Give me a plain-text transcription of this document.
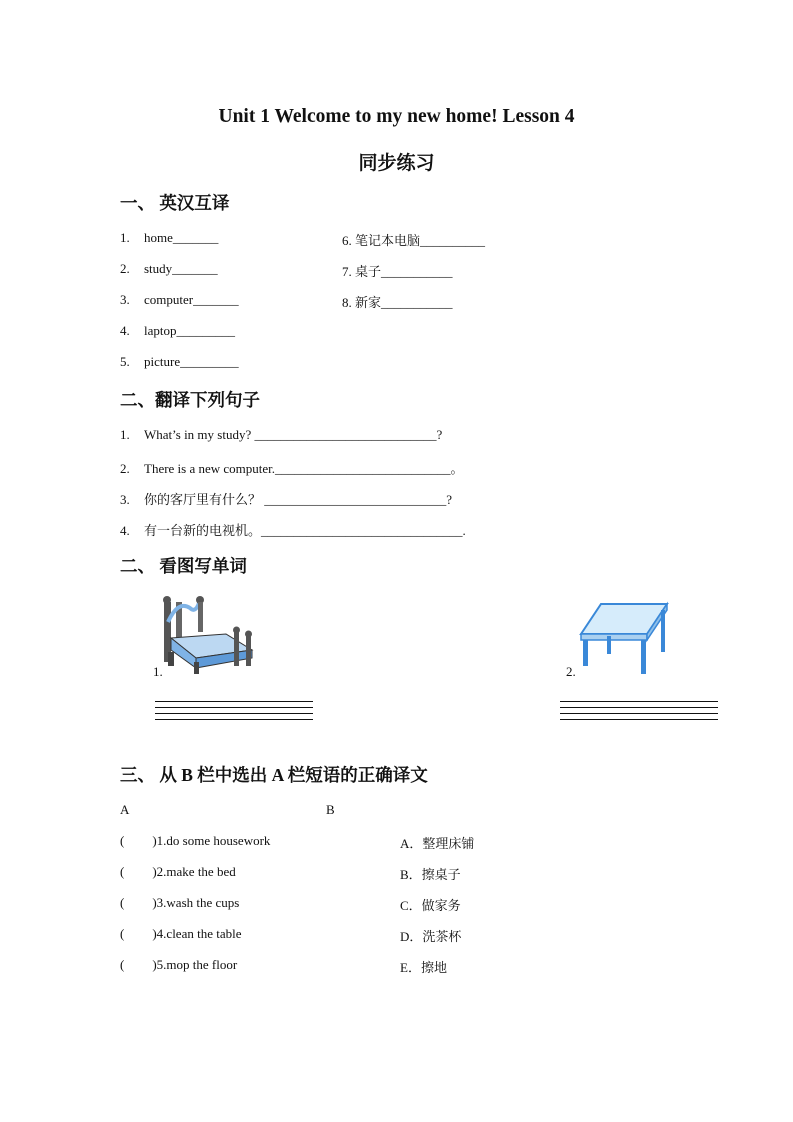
Unit 1 Welcome to my new home! Lesson 4
同步练习
一、 英汉互译
1. home_______
2. study_______
3. computer_______
4. laptop_________
5. picture_________
6. 笔记本电脑__________
7. 桌子___________
8. 新家___________
二、翻译下列句子
1. What’s in my study? ____________________________?
2. There is a new computer.___________________________。
3. 你的客厅里有什么？ ____________________________?
4. 有一台新的电视机。_______________________________.
二、 看图写单词
1.	2.
三、 从 B 栏中选出 A 栏短语的正确译文
A	B
( )1.do some housework	A．整理床铺
( )2.make the bed	B．擦桌子
( )3.wash the cups	C．做家务
( )4.clean the table	D．洗茶杯
( )5.mop the floor	E．擦地
